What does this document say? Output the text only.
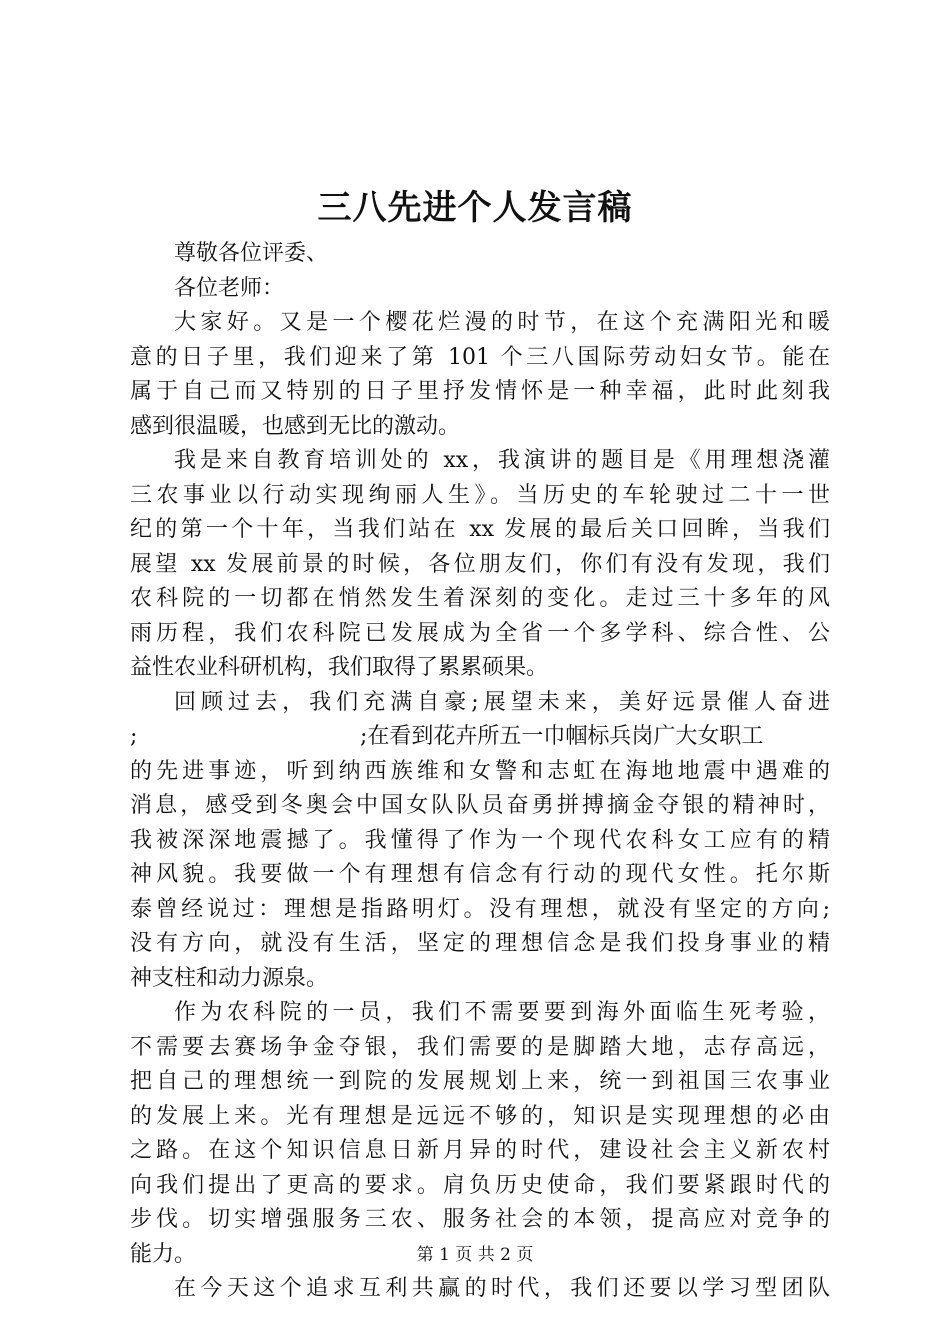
三八先进个人发言稿
尊敬各位评委、
各位老师：
大家好。又是一个樱花烂漫的时节，在这个充满阳光和暖
意的日子里，我们迎来了第 101 个三八国际劳动妇女节。能在
属于自己而又特别的日子里抒发情怀是一种幸福，此时此刻我
感到很温暖，也感到无比的激动。
我是来自教育培训处的 xx，我演讲的题目是《用理想浇灌
三农事业以行动实现绚丽人生》。当历史的车轮驶过二十一世
纪的第一个十年，当我们站在 xx 发展的最后关口回眸，当我们
展望 xx 发展前景的时候，各位朋友们，你们有没有发现，我们
农科院的一切都在悄然发生着深刻的变化。走过三十多年的风
雨历程，我们农科院已发展成为全省一个多学科、综合性、公
益性农业科研机构，我们取得了累累硕果。
回顾过去，我们充满自豪;展望未来，美好远景催人奋进
;	;在看到花卉所五一巾帼标兵岗广大女职工
的先进事迹，听到纳西族维和女警和志虹在海地地震中遇难的
消息，感受到冬奥会中国女队队员奋勇拼搏摘金夺银的精神时，
我被深深地震撼了。我懂得了作为一个现代农科女工应有的精
神风貌。我要做一个有理想有信念有行动的现代女性。托尔斯
泰曾经说过：理想是指路明灯。没有理想，就没有坚定的方向;
没有方向，就没有生活，坚定的理想信念是我们投身事业的精
神支柱和动力源泉。
作为农科院的一员，我们不需要要到海外面临生死考验，
不需要去赛场争金夺银，我们需要的是脚踏大地，志存高远，
把自己的理想统一到院的发展规划上来，统一到祖国三农事业
的发展上来。光有理想是远远不够的，知识是实现理想的必由
之路。在这个知识信息日新月异的时代，建设社会主义新农村
向我们提出了更高的要求。肩负历史使命，我们要紧跟时代的
步伐。切实增强服务三农、服务社会的本领，提高应对竞争的
能力。
在今天这个追求互利共赢的时代，我们还要以学习型团队
第 1 页 共 2 页
